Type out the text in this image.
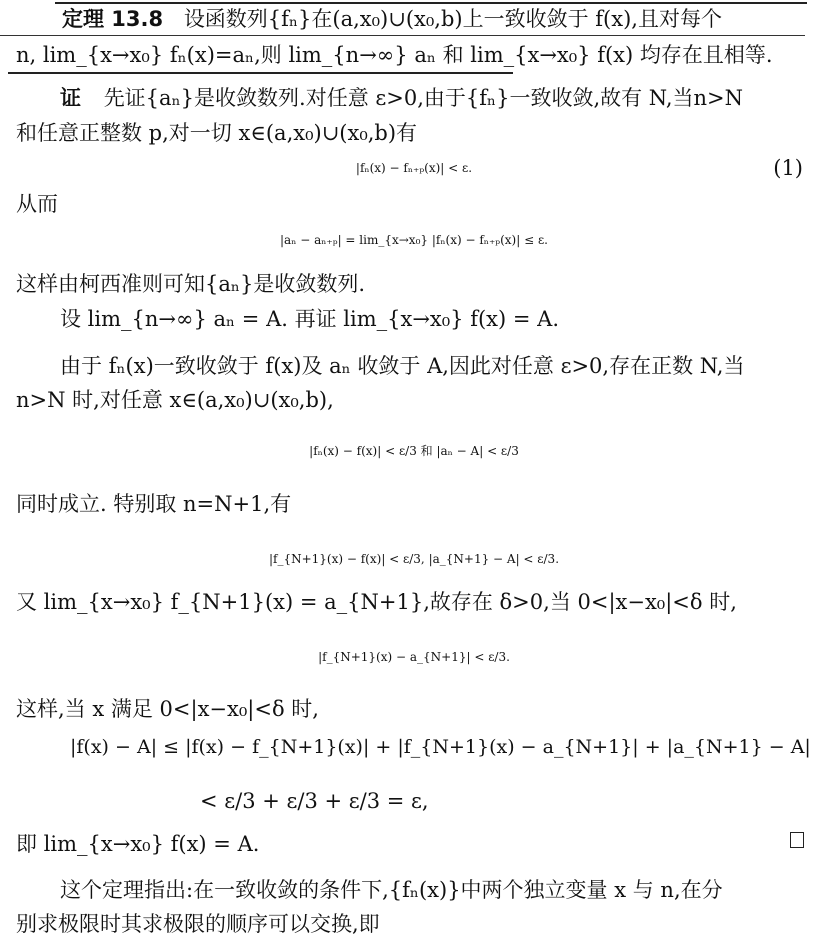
定理 13.8 设函数列{fₙ}在(a,x₀)∪(x₀,b)上一致收敛于 f(x),且对每个
n, lim_{x→x₀} fₙ(x)=aₙ,则 lim_{n→∞} aₙ 和 lim_{x→x₀} f(x) 均存在且相等.
证 先证{aₙ}是收敛数列.对任意 ε>0,由于{fₙ}一致收敛,故有 N,当n>N
和任意正整数 p,对一切 x∈(a,x₀)∪(x₀,b)有
|fₙ(x) − fₙ₊ₚ(x)| < ε.	(1)
从而
|aₙ − aₙ₊ₚ| = lim_{x→x₀} |fₙ(x) − fₙ₊ₚ(x)| ≤ ε.
这样由柯西准则可知{aₙ}是收敛数列.
设 lim_{n→∞} aₙ = A. 再证 lim_{x→x₀} f(x) = A.
由于 fₙ(x)一致收敛于 f(x)及 aₙ 收敛于 A,因此对任意 ε>0,存在正数 N,当
n>N 时,对任意 x∈(a,x₀)∪(x₀,b),
|fₙ(x) − f(x)| < ε/3 和 |aₙ − A| < ε/3
同时成立. 特别取 n=N+1,有
|f_{N+1}(x) − f(x)| < ε/3, |a_{N+1} − A| < ε/3.
又 lim_{x→x₀} f_{N+1}(x) = a_{N+1},故存在 δ>0,当 0<|x−x₀|<δ 时,
|f_{N+1}(x) − a_{N+1}| < ε/3.
这样,当 x 满足 0<|x−x₀|<δ 时,
|f(x) − A| ≤ |f(x) − f_{N+1}(x)| + |f_{N+1}(x) − a_{N+1}| + |a_{N+1} − A|
< ε/3 + ε/3 + ε/3 = ε,
即 lim_{x→x₀} f(x) = A.
这个定理指出:在一致收敛的条件下,{fₙ(x)}中两个独立变量 x 与 n,在分
别求极限时其求极限的顺序可以交换,即
